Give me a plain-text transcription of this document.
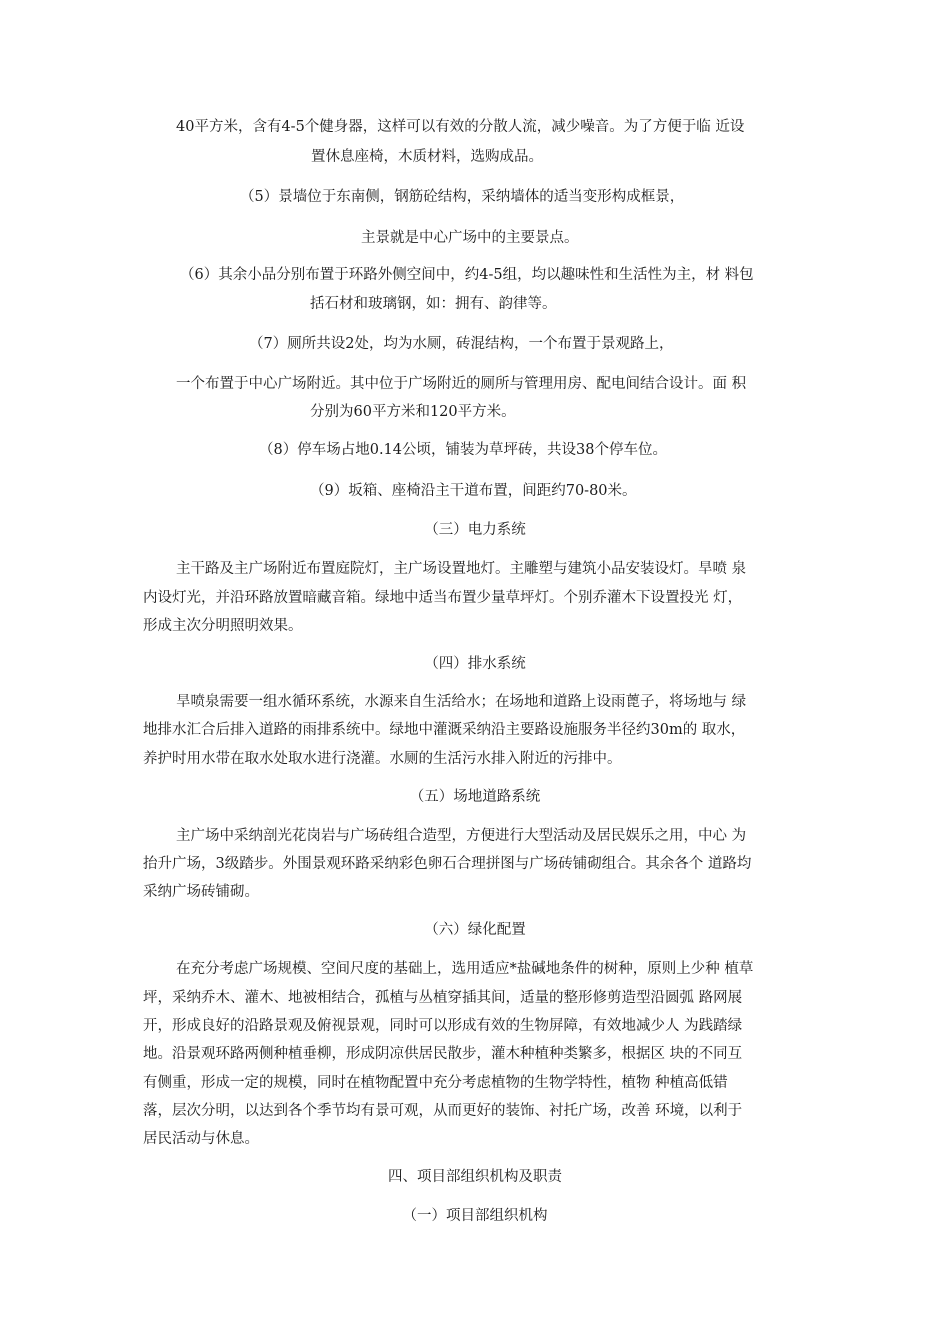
40平方米，含有4-5个健身器，这样可以有效的分散人流，减少噪音。为了方便于临 近设
置休息座椅，木质材料，选购成品。
（5）景墙位于东南侧，钢筋砼结构，采纳墙体的适当变形构成框景，
主景就是中心广场中的主要景点。
（6）其余小品分别布置于环路外侧空间中，约4-5组，均以趣味性和生活性为主，材 料包
括石材和玻璃钢，如：拥有、韵律等。
（7）厕所共设2处，均为水厕，砖混结构，一个布置于景观路上，
一个布置于中心广场附近。其中位于广场附近的厕所与管理用房、配电间结合设计。面 积
分别为60平方米和120平方米。
（8）停车场占地0.14公顷，铺装为草坪砖，共设38个停车位。
（9）坂箱、座椅沿主干道布置，间距约70-80米。
（三）电力系统
主干路及主广场附近布置庭院灯，主广场设置地灯。主雕塑与建筑小品安装设灯。旱喷 泉
内设灯光，并沿环路放置暗藏音箱。绿地中适当布置少量草坪灯。个别乔灌木下设置投光 灯，
形成主次分明照明效果。
（四）排水系统
旱喷泉需要一组水循环系统，水源来自生活给水；在场地和道路上设雨蓖子，将场地与 绿
地排水汇合后排入道路的雨排系统中。绿地中灌溉采纳沿主要路设施服务半径约30m的 取水，
养护时用水带在取水处取水进行浇灌。水厕的生活污水排入附近的污排中。
（五）场地道路系统
主广场中采纳剖光花岗岩与广场砖组合造型，方便进行大型活动及居民娱乐之用，中心 为
抬升广场，3级踏步。外围景观环路采纳彩色卵石合理拼图与广场砖铺砌组合。其余各个 道路均
采纳广场砖铺砌。
（六）绿化配置
在充分考虑广场规模、空间尺度的基础上，选用适应*盐碱地条件的树种，原则上少种 植草
坪，采纳乔木、灌木、地被相结合，孤植与丛植穿插其间，适量的整形修剪造型沿圆弧 路网展
开，形成良好的沿路景观及俯视景观，同时可以形成有效的生物屏障，有效地减少人 为践踏绿
地。沿景观环路两侧种植垂柳，形成阴凉供居民散步，灌木种植种类繁多，根据区 块的不同互
有侧重，形成一定的规模，同时在植物配置中充分考虑植物的生物学特性，植物 种植高低错
落，层次分明，以达到各个季节均有景可观，从而更好的装饰、衬托广场，改善 环境，以利于
居民活动与休息。
四、项目部组织机构及职责
（一）项目部组织机构
